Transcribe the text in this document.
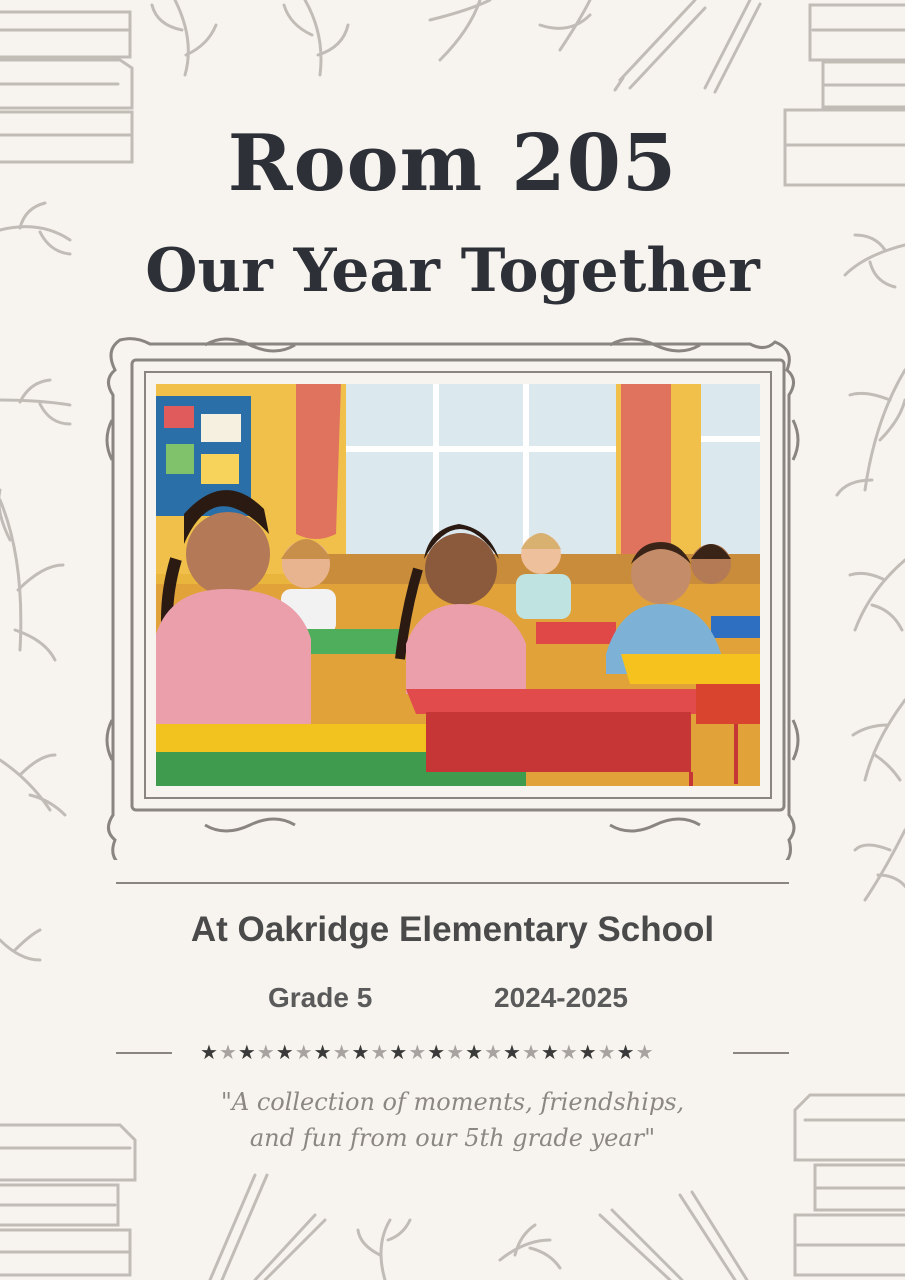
Room 205
Our Year Together
At Oakridge Elementary School
Grade 5	2024-2025
★★★★★★★★★★★★★★★★★★★★★★★★
"A collection of moments, friendships,
and fun from our 5th grade year"
